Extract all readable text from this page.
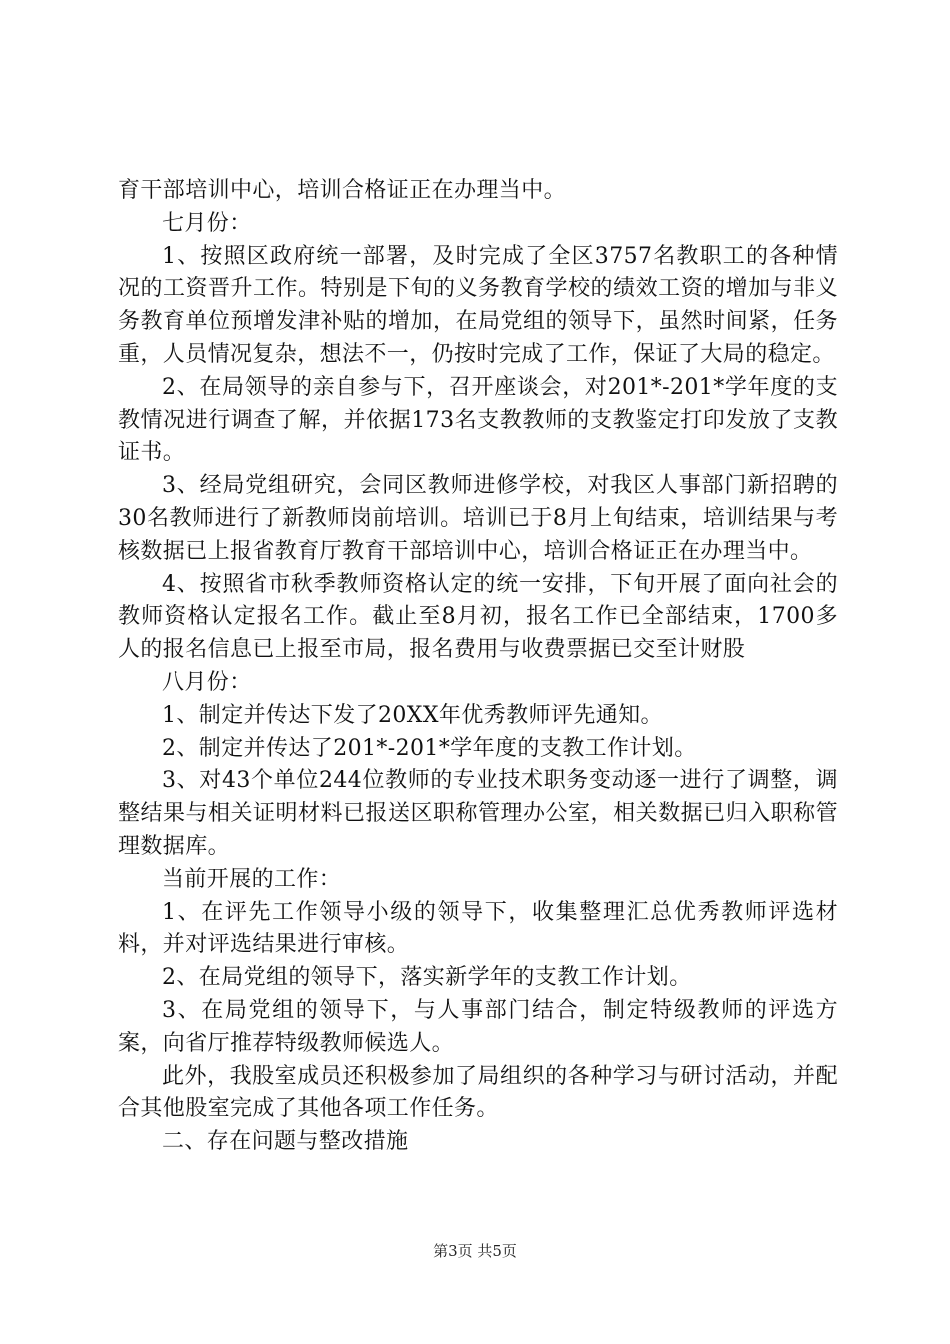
育干部培训中心，培训合格证正在办理当中。

七月份：

1、按照区政府统一部署，及时完成了全区3757名教职工的各种情况的工资晋升工作。特别是下旬的义务教育学校的绩效工资的增加与非义务教育单位预增发津补贴的增加，在局党组的领导下，虽然时间紧，任务重，人员情况复杂，想法不一，仍按时完成了工作，保证了大局的稳定。

2、在局领导的亲自参与下，召开座谈会，对201*-201*学年度的支教情况进行调查了解，并依据173名支教教师的支教鉴定打印发放了支教证书。

3、经局党组研究，会同区教师进修学校，对我区人事部门新招聘的30名教师进行了新教师岗前培训。培训已于8月上旬结束，培训结果与考核数据已上报省教育厅教育干部培训中心，培训合格证正在办理当中。

4、按照省市秋季教师资格认定的统一安排，下旬开展了面向社会的教师资格认定报名工作。截止至8月初，报名工作已全部结束，1700多人的报名信息已上报至市局，报名费用与收费票据已交至计财股

八月份：

1、制定并传达下发了20XX年优秀教师评先通知。

2、制定并传达了201*-201*学年度的支教工作计划。

3、对43个单位244位教师的专业技术职务变动逐一进行了调整，调整结果与相关证明材料已报送区职称管理办公室，相关数据已归入职称管理数据库。

当前开展的工作：

1、在评先工作领导小级的领导下，收集整理汇总优秀教师评选材料，并对评选结果进行审核。

2、在局党组的领导下，落实新学年的支教工作计划。

3、在局党组的领导下，与人事部门结合，制定特级教师的评选方案，向省厅推荐特级教师候选人。

此外，我股室成员还积极参加了局组织的各种学习与研讨活动，并配合其他股室完成了其他各项工作任务。

二、存在问题与整改措施

第3页 共5页
